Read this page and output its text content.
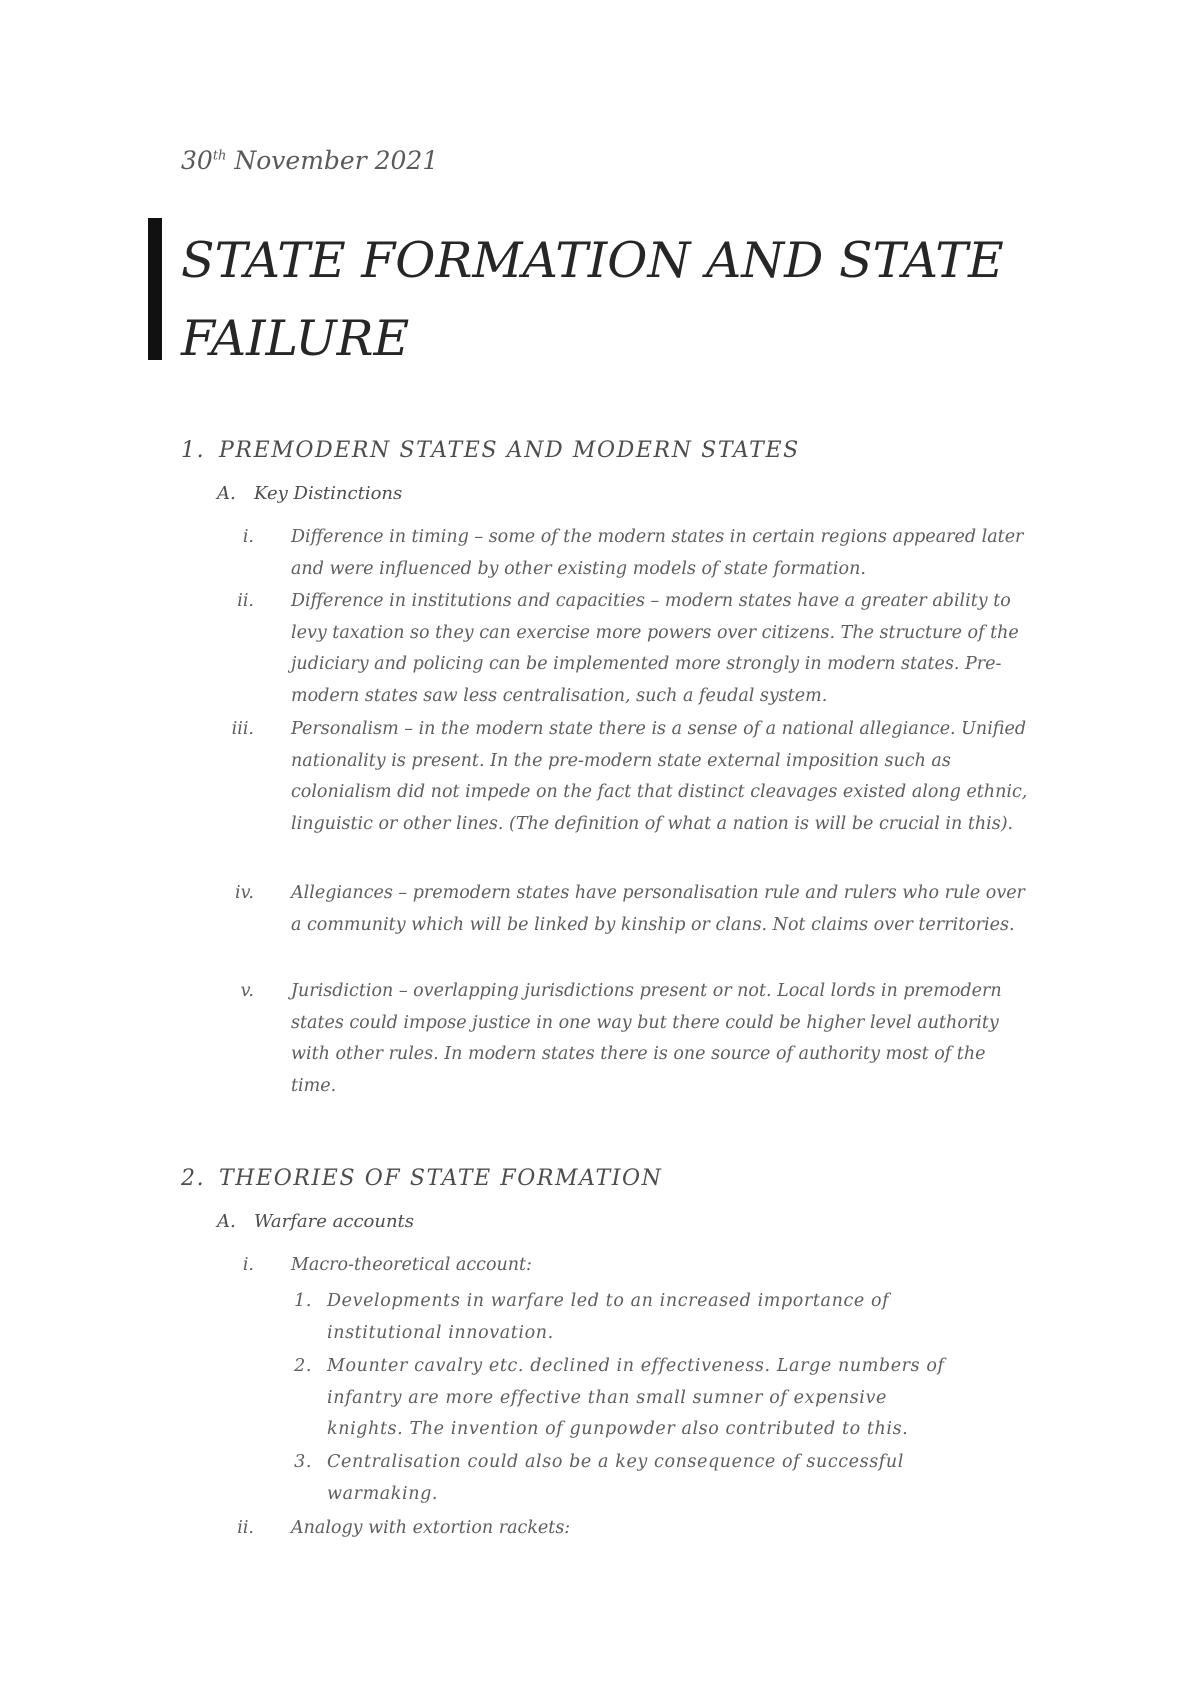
30th November 2021
STATE FORMATION AND STATE FAILURE
1. PREMODERN STATES AND MODERN STATES
A. Key Distinctions
i. Difference in timing – some of the modern states in certain regions appeared later and were influenced by other existing models of state formation.
ii. Difference in institutions and capacities – modern states have a greater ability to levy taxation so they can exercise more powers over citizens. The structure of the judiciary and policing can be implemented more strongly in modern states. Pre-modern states saw less centralisation, such a feudal system.
iii. Personalism – in the modern state there is a sense of a national allegiance. Unified nationality is present. In the pre-modern state external imposition such as colonialism did not impede on the fact that distinct cleavages existed along ethnic, linguistic or other lines. (The definition of what a nation is will be crucial in this).
iv. Allegiances – premodern states have personalisation rule and rulers who rule over a community which will be linked by kinship or clans. Not claims over territories.
v. Jurisdiction – overlapping jurisdictions present or not. Local lords in premodern states could impose justice in one way but there could be higher level authority with other rules. In modern states there is one source of authority most of the time.
2. THEORIES OF STATE FORMATION
A. Warfare accounts
i. Macro-theoretical account:
1. Developments in warfare led to an increased importance of institutional innovation.
2. Mounter cavalry etc. declined in effectiveness. Large numbers of infantry are more effective than small sumner of expensive knights. The invention of gunpowder also contributed to this.
3. Centralisation could also be a key consequence of successful warmaking.
ii. Analogy with extortion rackets:
